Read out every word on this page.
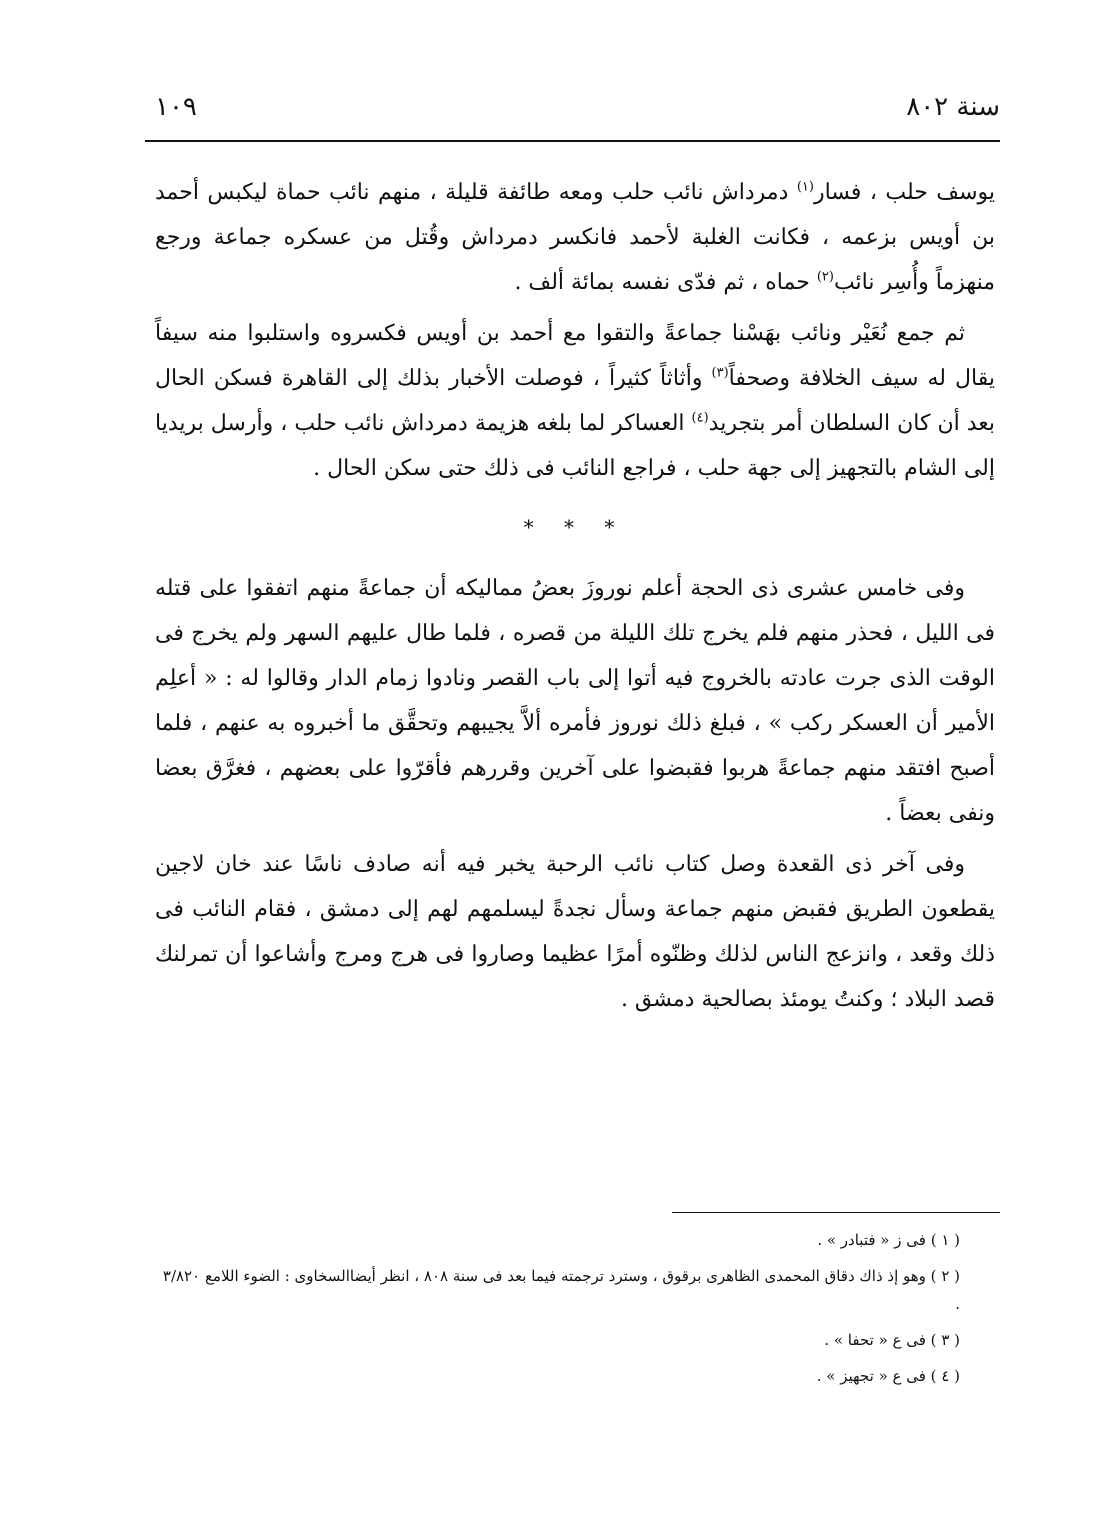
سنة ٨٠٢
١٠٩

يوسف حلب ، فسار$^{(١)}$ دمرداش نائب حلب ومعه طائفة قليلة ، منهم نائب حماة ليكبس أحمد بن أويس بزعمه ، فكانت الغلبة لأحمد فانكسر دمرداش وقُتل من عسكره جماعة ورجع منهزماً وأُسِر نائب$^{(٢)}$ حماه ، ثم فدّى نفسه بمائة ألف .

ثم جمع نُعَيْر ونائب بهَسْنا جماعةً والتقوا مع أحمد بن أويس فكسروه واستلبوا منه سيفاً يقال له سيف الخلافة وصحفاً$^{(٣)}$ وأثاثاً كثيراً ، فوصلت الأخبار بذلك إلى القاهرة فسكن الحال بعد أن كان السلطان أمر بتجريد$^{(٤)}$ العساكر لما بلغه هزيمة دمرداش نائب حلب ، وأرسل بريديا إلى الشام بالتجهيز إلى جهة حلب ، فراجع النائب فى ذلك حتى سكن الحال .

* * *

وفى خامس عشرى ذى الحجة أعلم نوروزَ بعضُ مماليكه أن جماعةً منهم اتفقوا على قتله فى الليل ، فحذر منهم فلم يخرج تلك الليلة من قصره ، فلما طال عليهم السهر ولم يخرج فى الوقت الذى جرت عادته بالخروج فيه أتوا إلى باب القصر ونادوا زمام الدار وقالوا له : « أعلِم الأمير أن العسكر ركب » ، فبلغ ذلك نوروز فأمره ألاَّ يجيبهم وتحقَّق ما أخبروه به عنهم ، فلما أصبح افتقد منهم جماعةً هربوا فقبضوا على آخرين وقررهم فأقرّوا على بعضهم ، فغرَّق بعضا ونفى بعضاً .

وفى آخر ذى القعدة وصل كتاب نائب الرحبة يخبر فيه أنه صادف ناسًا عند خان لاجين يقطعون الطريق فقبض منهم جماعة وسأل نجدةً ليسلمهم لهم إلى دمشق ، فقام النائب فى ذلك وقعد ، وانزعج الناس لذلك وظنّوه أمرًا عظيما وصاروا فى هرج ومرج وأشاعوا أن تمرلنك قصد البلاد ؛ وكنتُ يومئذ بصالحية دمشق .

( ١ ) فى ز « فتبادر » .

( ٢ ) وهو إذ ذاك دقاق المحمدى الظاهرى برقوق ، وسترد ترجمته فيما بعد فى سنة ٨٠٨ ، انظر أيضاالسخاوى : الضوء اللامع ٣/٨٢٠ .

( ٣ ) فى ع « تحفا » .

( ٤ ) فى ع « تجهيز » .
